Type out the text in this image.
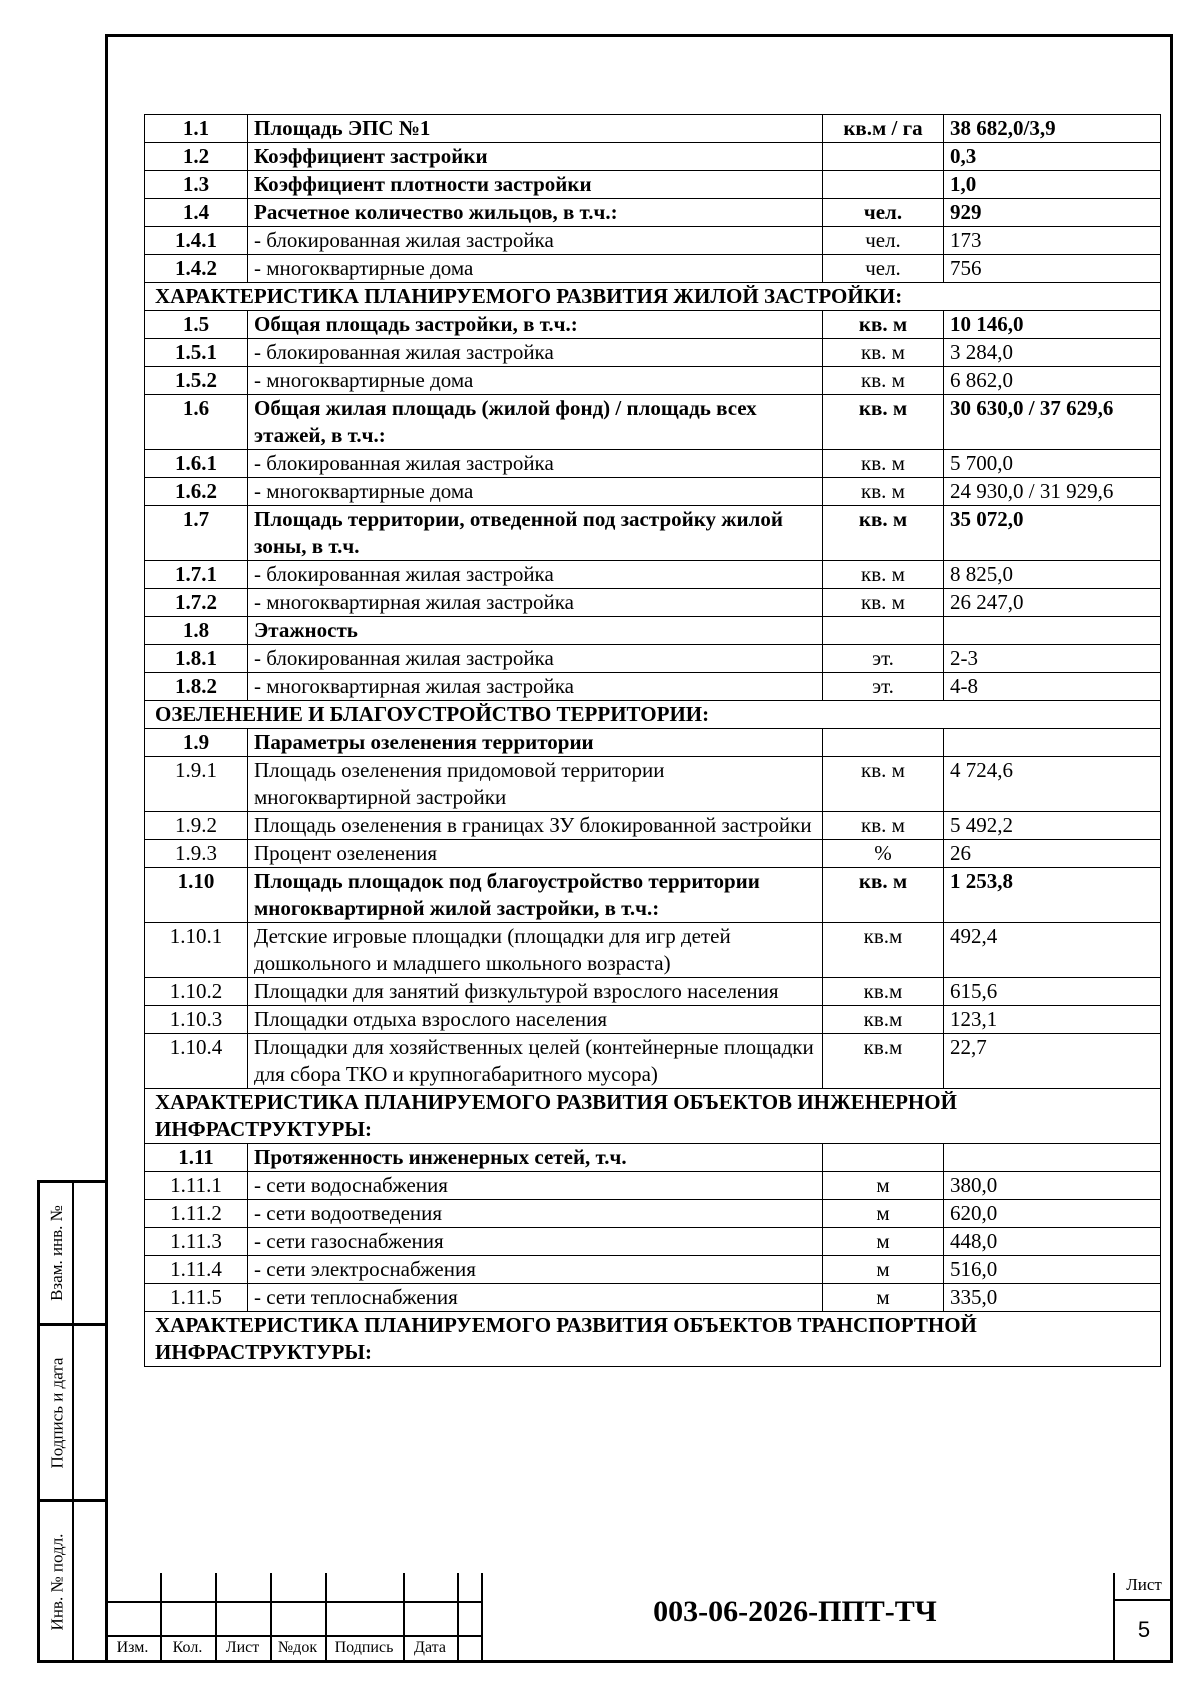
Взам. инв. №
Подпись и дата
Инв. № подл.
1.1	Площадь ЭПС №1	кв.м / га	38 682,0/3,9
1.2	Коэффициент застройки		0,3
1.3	Коэффициент плотности застройки		1,0
1.4	Расчетное количество жильцов, в т.ч.:	чел.	929
1.4.1	- блокированная жилая застройка	чел.	173
1.4.2	- многоквартирные дома	чел.	756
ХАРАКТЕРИСТИКА ПЛАНИРУЕМОГО РАЗВИТИЯ ЖИЛОЙ ЗАСТРОЙКИ:			
1.5	Общая площадь застройки, в т.ч.:	кв. м	10 146,0
1.5.1	- блокированная жилая застройка	кв. м	3 284,0
1.5.2	- многоквартирные дома	кв. м	6 862,0
1.6	Общая жилая площадь (жилой фонд) / площадь всех этажей, в т.ч.:	кв. м	30 630,0 / 37 629,6
1.6.1	- блокированная жилая застройка	кв. м	5 700,0
1.6.2	- многоквартирные дома	кв. м	24 930,0 / 31 929,6
1.7	Площадь территории, отведенной под застройку жилой зоны, в т.ч.	кв. м	35 072,0
1.7.1	- блокированная жилая застройка	кв. м	8 825,0
1.7.2	- многоквартирная жилая застройка	кв. м	26 247,0
1.8	Этажность		
1.8.1	- блокированная жилая застройка	эт.	2-3
1.8.2	- многоквартирная жилая застройка	эт.	4-8
ОЗЕЛЕНЕНИЕ И БЛАГОУСТРОЙСТВО ТЕРРИТОРИИ:			
1.9	Параметры озеленения территории		
1.9.1	Площадь озеленения придомовой территории многоквартирной застройки	кв. м	4 724,6
1.9.2	Площадь озеленения в границах ЗУ блокированной застройки	кв. м	5 492,2
1.9.3	Процент озеленения	%	26
1.10	Площадь площадок под благоустройство территории многоквартирной жилой застройки, в т.ч.:	кв. м	1 253,8
1.10.1	Детские игровые площадки (площадки для игр детей дошкольного и младшего школьного возраста)	кв.м	492,4
1.10.2	Площадки для занятий физкультурой взрослого населения	кв.м	615,6
1.10.3	Площадки отдыха взрослого населения	кв.м	123,1
1.10.4	Площадки для хозяйственных целей (контейнерные площадки для сбора ТКО и крупногабаритного мусора)	кв.м	22,7
ХАРАКТЕРИСТИКА ПЛАНИРУЕМОГО РАЗВИТИЯ ОБЪЕКТОВ ИНЖЕНЕРНОЙ ИНФРАСТРУКТУРЫ:			
1.11	Протяженность инженерных сетей, т.ч.		
1.11.1	- сети водоснабжения	м	380,0
1.11.2	- сети водоотведения	м	620,0
1.11.3	- сети газоснабжения	м	448,0
1.11.4	- сети электроснабжения	м	516,0
1.11.5	- сети теплоснабжения	м	335,0
ХАРАКТЕРИСТИКА ПЛАНИРУЕМОГО РАЗВИТИЯ ОБЪЕКТОВ ТРАНСПОРТНОЙ ИНФРАСТРУКТУРЫ:			
Изм.	Кол.	Лист	№док	Подпись	Дата
003-06-2026-ППТ-ТЧ
Лист
5
